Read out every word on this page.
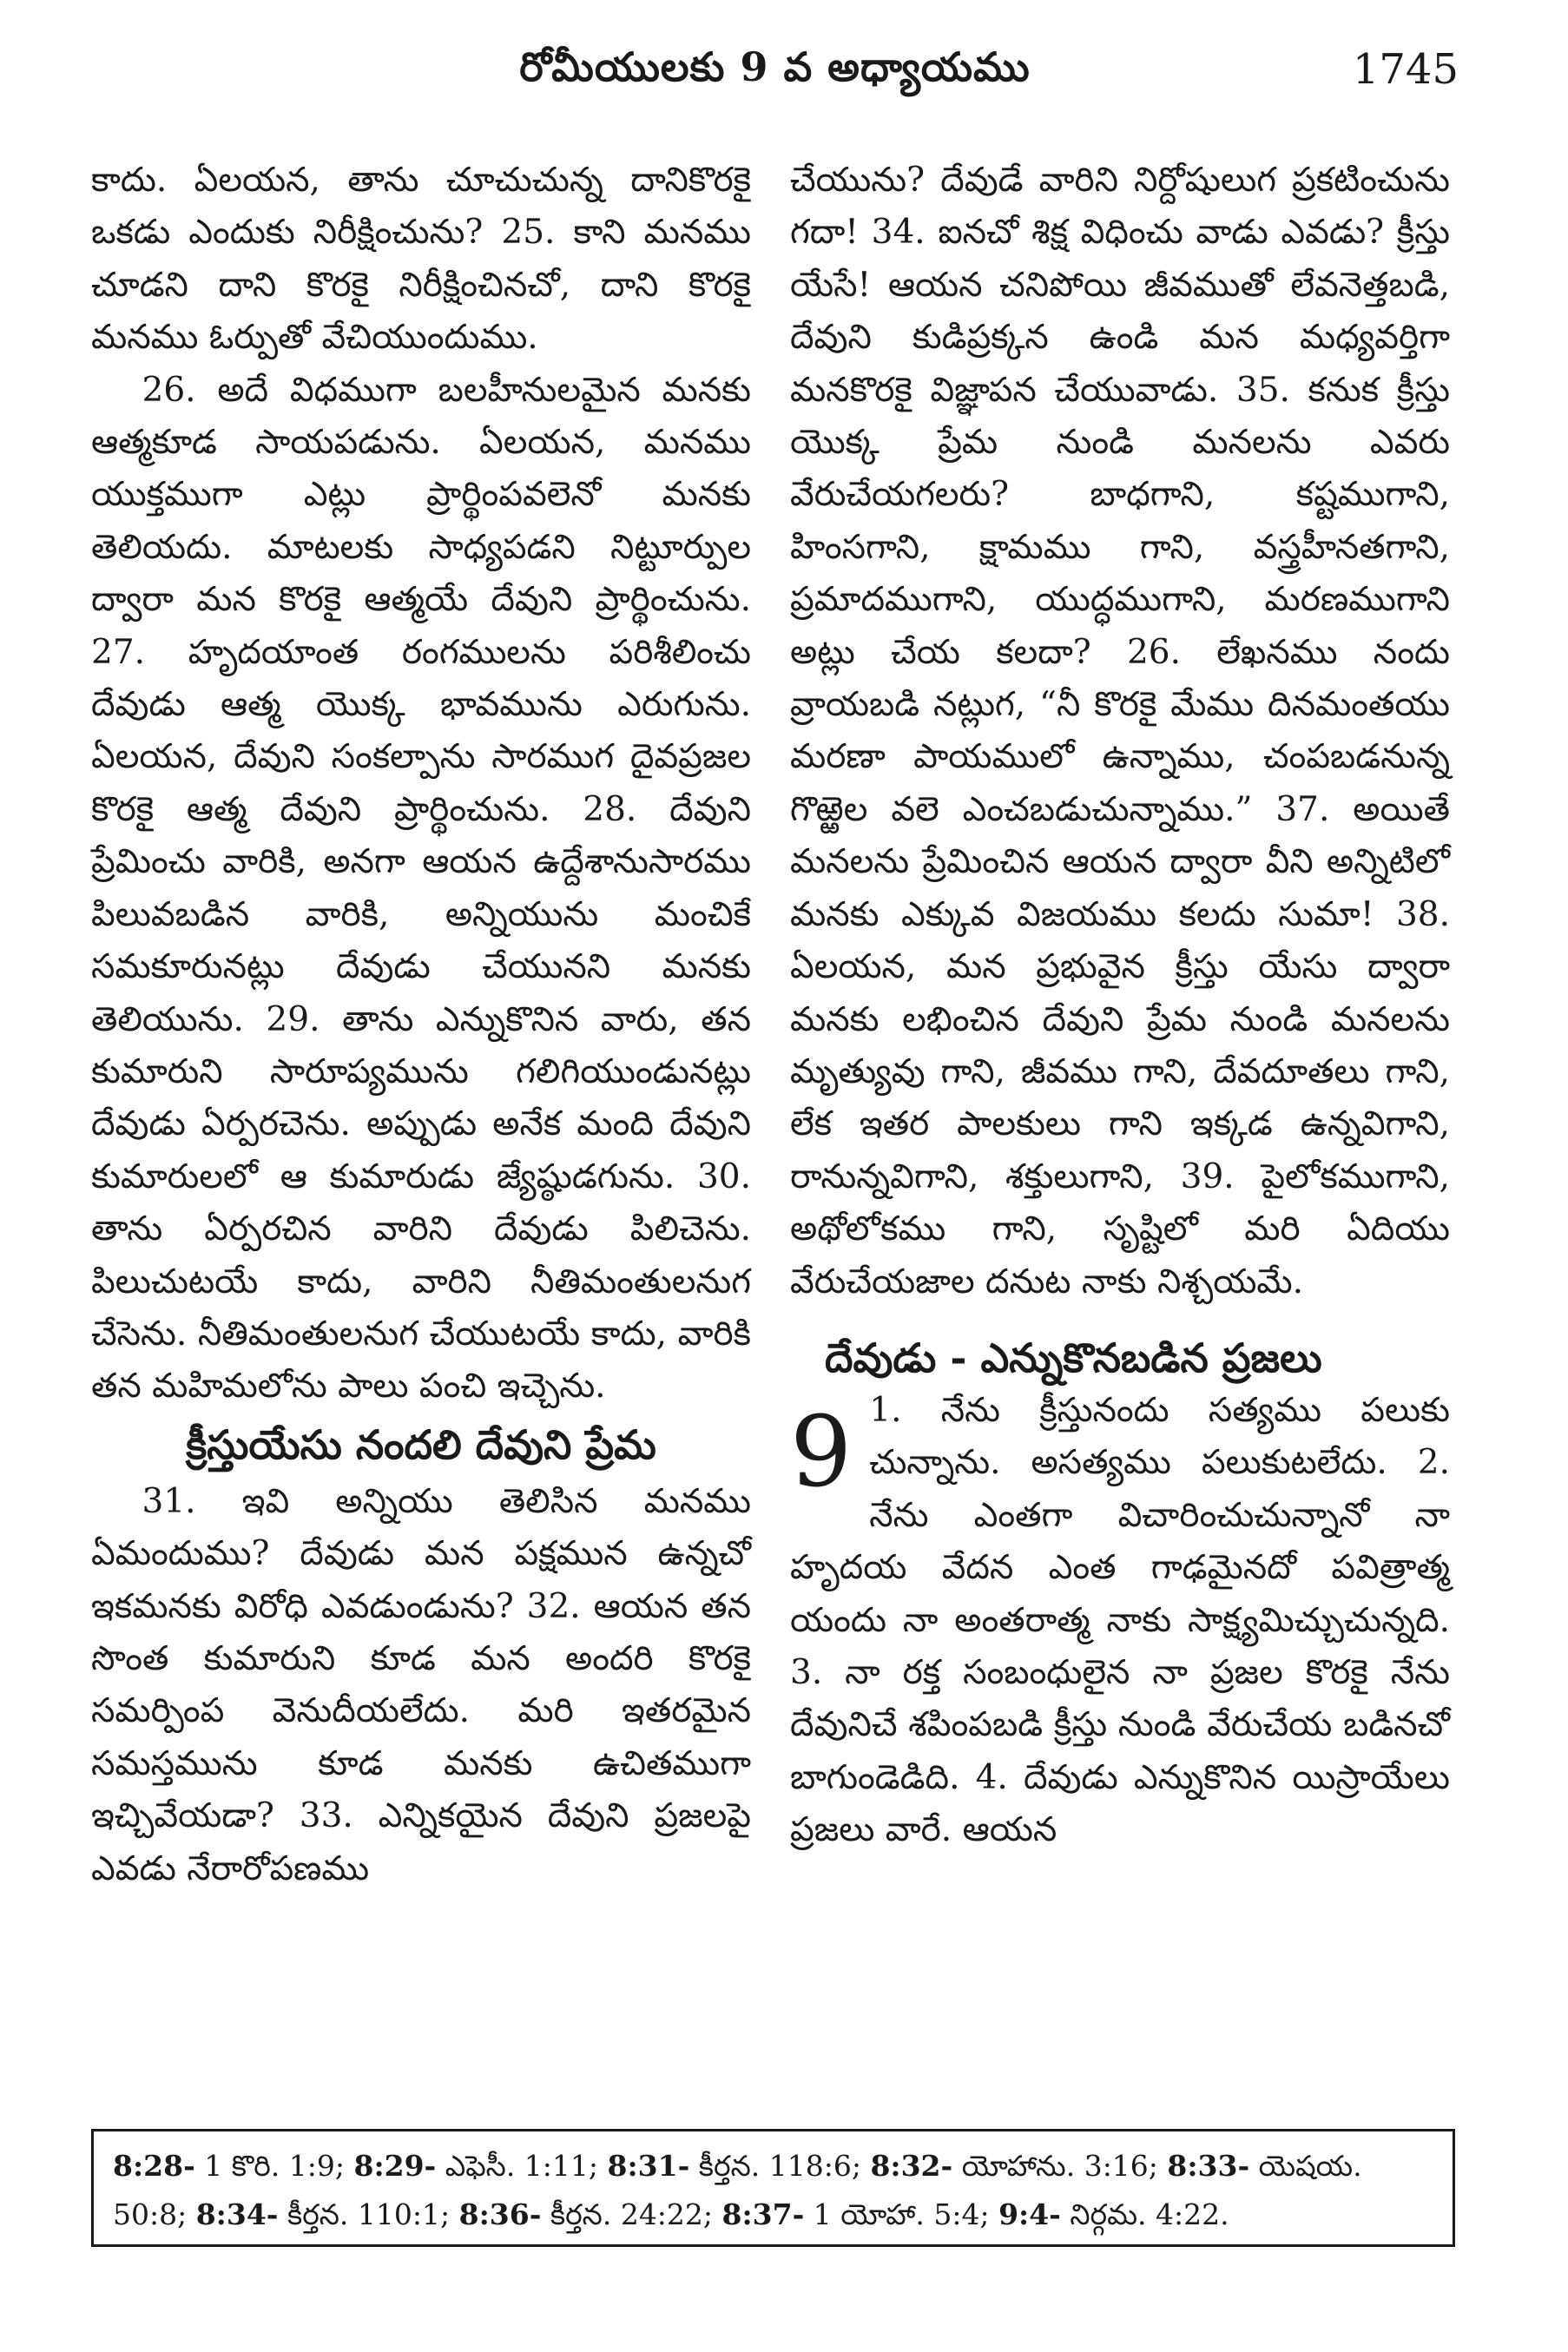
రోమీయులకు 9 వ అధ్యాయము	1745

కాదు. ఏలయన, తాను చూచుచున్న దానికొరకై ఒకడు ఎందుకు నిరీక్షించును? 25. కాని మనము చూడని దాని కొరకై నిరీక్షించినచో, దాని కొరకై మనము ఓర్పుతో వేచియుందుము.

26. అదే విధముగా బలహీనులమైన మనకు ఆత్మకూడ సాయపడును. ఏలయన, మనము యుక్తముగా ఎట్లు ప్రార్థింపవలెనో మనకు తెలియదు. మాటలకు సాధ్యపడని నిట్టూర్పుల ద్వారా మన కొరకై ఆత్మయే దేవుని ప్రార్థించును. 27. హృదయాంత రంగములను పరిశీలించు దేవుడు ఆత్మ యొక్క భావమును ఎరుగును. ఏలయన, దేవుని సంకల్పాను సారముగ దైవప్రజల కొరకై ఆత్మ దేవుని ప్రార్థించును. 28. దేవుని ప్రేమించు వారికి, అనగా ఆయన ఉద్దేశానుసారము పిలువబడిన వారికి, అన్నియును మంచికే సమకూరునట్లు దేవుడు చేయునని మనకు తెలియును. 29. తాను ఎన్నుకొనిన వారు, తన కుమారుని సారూప్యమును గలిగియుండునట్లు దేవుడు ఏర్పరచెను. అప్పుడు అనేక మంది దేవుని కుమారులలో ఆ కుమారుడు జ్యేష్ఠుడగును. 30. తాను ఏర్పరచిన వారిని దేవుడు పిలిచెను. పిలుచుటయే కాదు, వారిని నీతిమంతులనుగ చేసెను. నీతిమంతులనుగ చేయుటయే కాదు, వారికి తన మహిమలోను పాలు పంచి ఇచ్చెను.

క్రీస్తుయేసు నందలి దేవుని ప్రేమ

31. ఇవి అన్నియు తెలిసిన మనము ఏమందుము? దేవుడు మన పక్షమున ఉన్నచో ఇకమనకు విరోధి ఎవడుండును? 32. ఆయన తన సొంత కుమారుని కూడ మన అందరి కొరకై సమర్పింప వెనుదీయలేదు. మరి ఇతరమైన సమస్తమును కూడ మనకు ఉచితముగా ఇచ్చివేయడా? 33. ఎన్నికయైన దేవుని ప్రజలపై ఎవడు నేరారోపణము

చేయును? దేవుడే వారిని నిర్దోషులుగ ప్రకటించును గదా! 34. ఐనచో శిక్ష విధించు వాడు ఎవడు? క్రీస్తు యేసే! ఆయన చనిపోయి జీవముతో లేవనెత్తబడి, దేవుని కుడిప్రక్కన ఉండి మన మధ్యవర్తిగా మనకొరకై విజ్ఞాపన చేయువాడు. 35. కనుక క్రీస్తు యొక్క ప్రేమ నుండి మనలను ఎవరు వేరుచేయగలరు? బాధగాని, కష్టముగాని, హింసగాని, క్షామము గాని, వస్త్రహీనతగాని, ప్రమాదముగాని, యుద్ధముగాని, మరణముగాని అట్లు చేయ కలదా? 26. లేఖనము నందు వ్రాయబడి నట్లుగ, “నీ కొరకై మేము దినమంతయు మరణా పాయములో ఉన్నాము, చంపబడనున్న గొఱ్ఱెల వలె ఎంచబడుచున్నాము.” 37. అయితే మనలను ప్రేమించిన ఆయన ద్వారా వీని అన్నిటిలో మనకు ఎక్కువ విజయము కలదు సుమా! 38. ఏలయన, మన ప్రభువైన క్రీస్తు యేసు ద్వారా మనకు లభించిన దేవుని ప్రేమ నుండి మనలను మృత్యువు గాని, జీవము గాని, దేవదూతలు గాని, లేక ఇతర పాలకులు గాని ఇక్కడ ఉన్నవిగాని, రానున్నవిగాని, శక్తులుగాని, 39. పైలోకముగాని, అథోలోకము గాని, సృష్టిలో మరి ఏదియు వేరుచేయజాల దనుట నాకు నిశ్చయమే.

దేవుడు - ఎన్నుకొనబడిన ప్రజలు
9 1. నేను క్రీస్తునందు సత్యము పలుకు చున్నాను. అసత్యము పలుకుటలేదు. 2. నేను ఎంతగా విచారించుచున్నానో నా హృదయ వేదన ఎంత గాఢమైనదో పవిత్రాత్మ యందు నా అంతరాత్మ నాకు సాక్ష్యమిచ్చుచున్నది. 3. నా రక్త సంబంధులైన నా ప్రజల కొరకై నేను దేవునిచే శపింపబడి క్రీస్తు నుండి వేరుచేయ బడినచో బాగుండెడిది. 4. దేవుడు ఎన్నుకొనిన యిస్రాయేలు ప్రజలు వారే. ఆయన

8:28- 1 కొరి. 1:9; 8:29- ఎఫెసీ. 1:11; 8:31- కీర్తన. 118:6; 8:32- యోహాను. 3:16; 8:33- యెషయ. 50:8; 8:34- కీర్తన. 110:1; 8:36- కీర్తన. 24:22; 8:37- 1 యోహా. 5:4; 9:4- నిర్గమ. 4:22.
